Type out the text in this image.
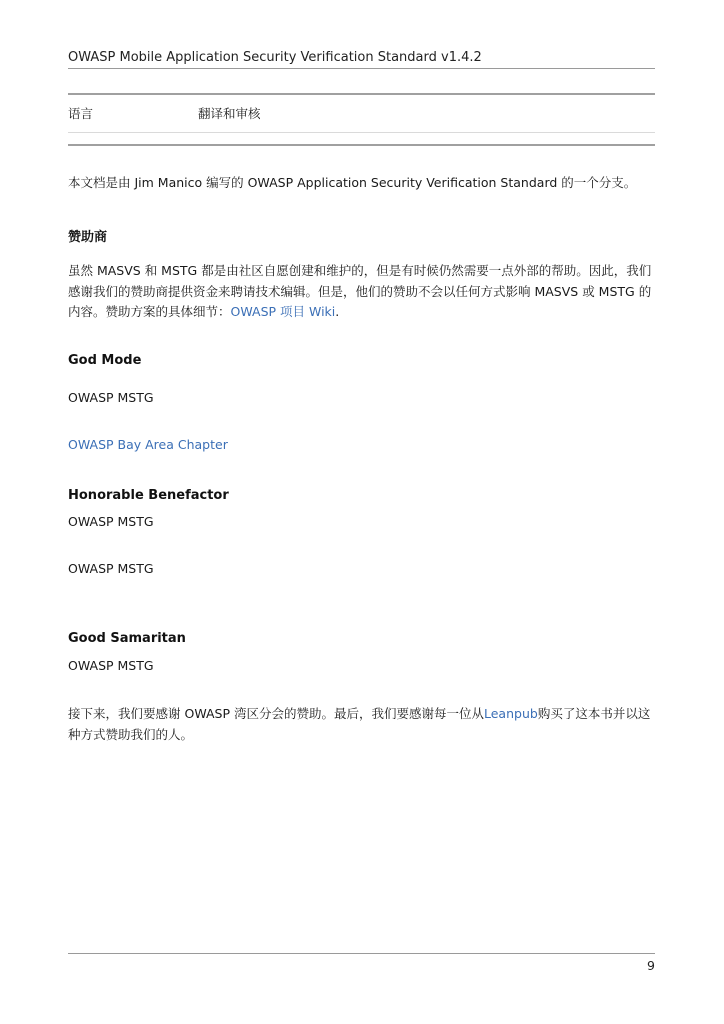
OWASP Mobile Application Security Verification Standard v1.4.2
语言	翻译和审核
本文档是由 Jim Manico 编写的 OWASP Application Security Verification Standard 的一个分支。
赞助商
虽然 MASVS 和 MSTG 都是由社区自愿创建和维护的，但是有时候仍然需要一点外部的帮助。因此，我们感谢我们的赞助商提供资金来聘请技术编辑。但是，他们的赞助不会以任何方式影响 MASVS 或 MSTG 的内容。赞助方案的具体细节：OWASP 项目 Wiki.
God Mode
OWASP MSTG
OWASP Bay Area Chapter
Honorable Benefactor
OWASP MSTG
OWASP MSTG
Good Samaritan
OWASP MSTG
接下来，我们要感谢 OWASP 湾区分会的赞助。最后，我们要感谢每一位从Leanpub购买了这本书并以这种方式赞助我们的人。
9
